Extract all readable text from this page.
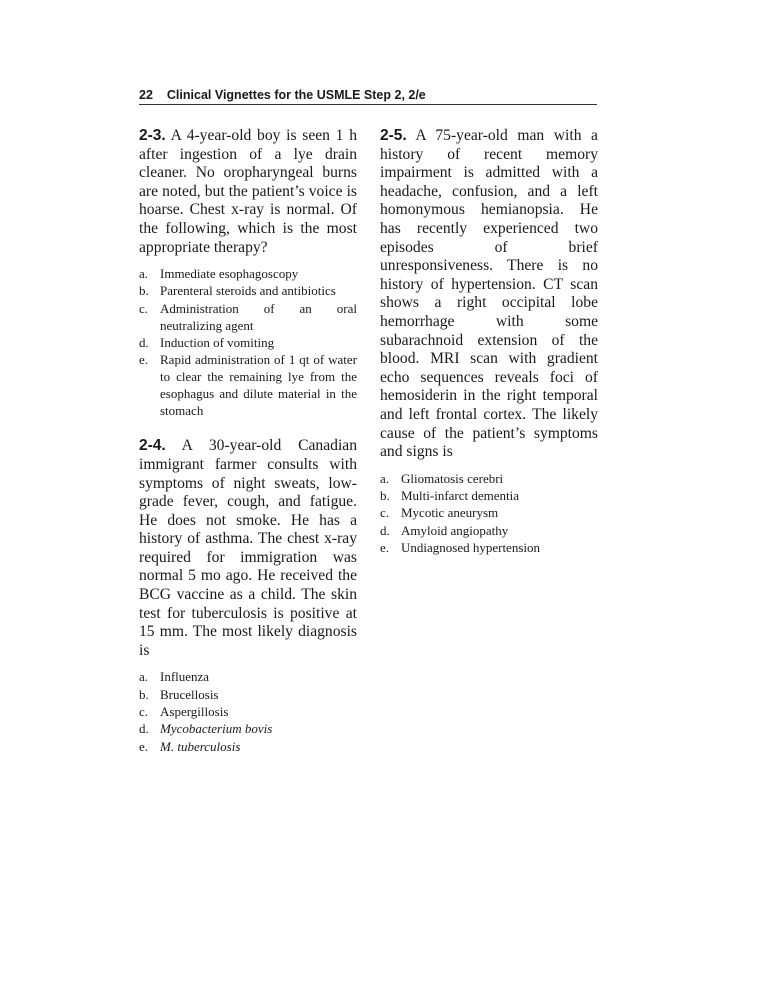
22 Clinical Vignettes for the USMLE Step 2, 2/e

2-3. A 4-year-old boy is seen 1 h after ingestion of a lye drain cleaner. No oropharyngeal burns are noted, but the patient’s voice is hoarse. Chest x-ray is normal. Of the following, which is the most appropriate therapy?

a. Immediate esophagoscopy
b. Parenteral steroids and antibiotics
c. Administration of an oral neutralizing agent
d. Induction of vomiting
e. Rapid administration of 1 qt of water to clear the remaining lye from the esophagus and dilute material in the stomach

2-4. A 30-year-old Canadian immigrant farmer consults with symptoms of night sweats, low-grade fever, cough, and fatigue. He does not smoke. He has a history of asthma. The chest x-ray required for immigration was normal 5 mo ago. He received the BCG vaccine as a child. The skin test for tuberculosis is positive at 15 mm. The most likely diagnosis is

a. Influenza
b. Brucellosis
c. Aspergillosis
d. Mycobacterium bovis
e. M. tuberculosis

2-5. A 75-year-old man with a history of recent memory impairment is admitted with a headache, confusion, and a left homonymous hemianopsia. He has recently experienced two episodes of brief unresponsiveness. There is no history of hypertension. CT scan shows a right occipital lobe hemorrhage with some subarachnoid extension of the blood. MRI scan with gradient echo sequences reveals foci of hemosiderin in the right temporal and left frontal cortex. The likely cause of the patient’s symptoms and signs is

a. Gliomatosis cerebri
b. Multi-infarct dementia
c. Mycotic aneurysm
d. Amyloid angiopathy
e. Undiagnosed hypertension
